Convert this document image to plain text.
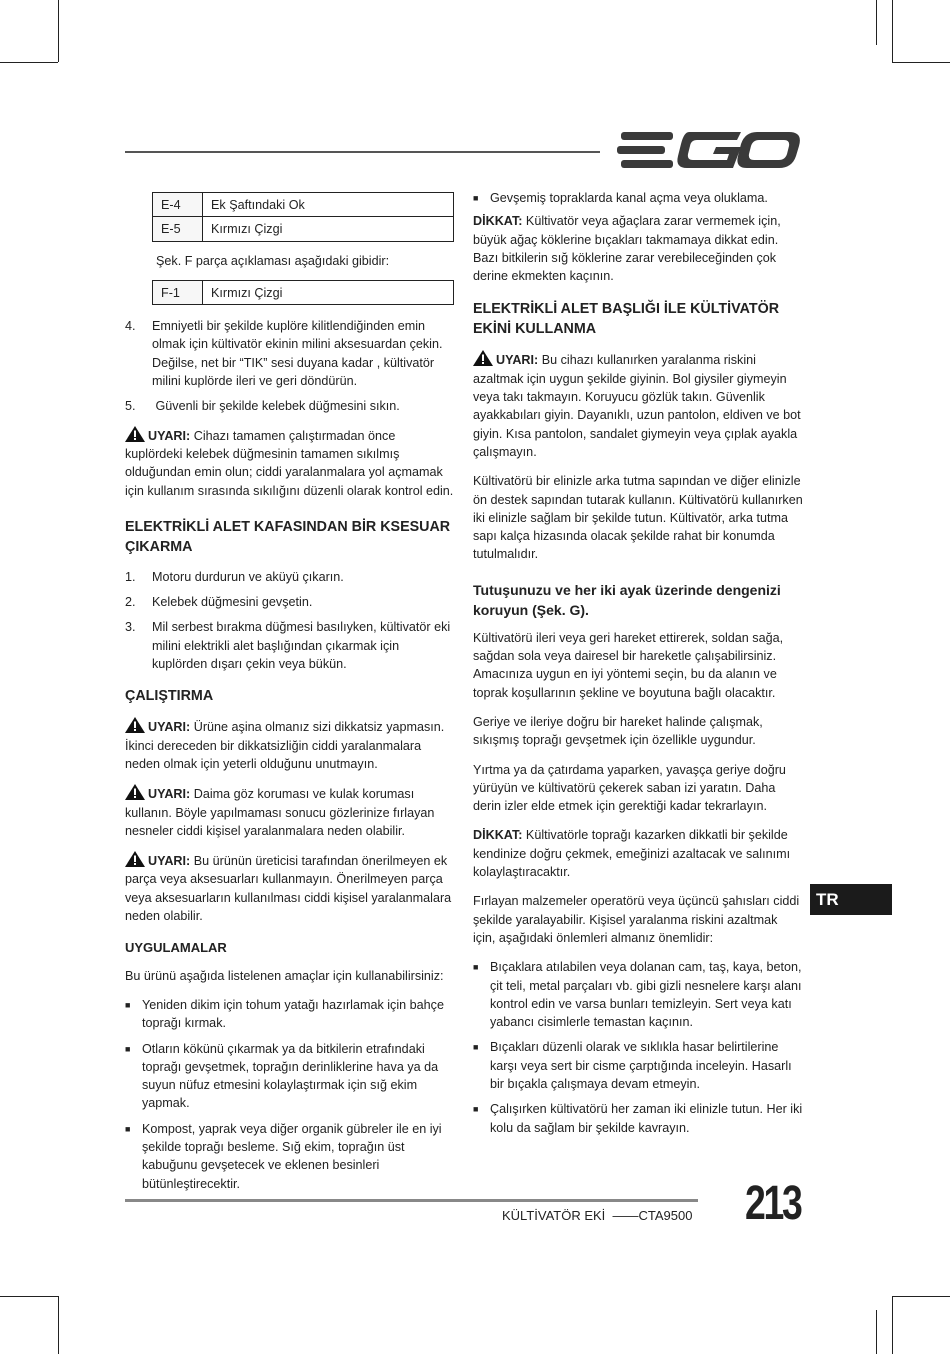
E-4	Ek Şaftındaki Ok
E-5	Kırmızı Çizgi
Şek. F parça açıklaması aşağıdaki gibidir:
F-1	Kırmızı Çizgi
4.	Emniyetli bir şekilde kuplöre kilitlendiğinden emin olmak için kültivatör ekinin milini aksesuardan çekin. Değilse, net bir “TIK” sesi duyana kadar , kültivatör milini kuplörde ileri ve geri döndürün.
5.	Güvenli bir şekilde kelebek düğmesini sıkın.

UYARI: Cihazı tamamen çalıştırmadan önce kuplördeki kelebek düğmesinin tamamen sıkılmış olduğundan emin olun; ciddi yaralanmalara yol açmamak için kullanım sırasında sıkılığını düzenli olarak kontrol edin.

ELEKTRİKLİ ALET KAFASINDAN BİR KSESUAR ÇIKARMA
1.	Motoru durdurun ve aküyü çıkarın.
2.	Kelebek düğmesini gevşetin.
3.	Mil serbest bırakma düğmesi basılıyken, kültivatör eki milini elektrikli alet başlığından çıkarmak için kuplörden dışarı çekin veya bükün.
ÇALIŞTIRMA

UYARI: Ürüne aşina olmanız sizi dikkatsiz yapmasın. İkinci dereceden bir dikkatsizliğin ciddi yaralanmalara neden olmak için yeterli olduğunu unutmayın.

UYARI: Daima göz koruması ve kulak koruması kullanın. Böyle yapılmaması sonucu gözlerinize fırlayan nesneler ciddi kişisel yaralanmalara neden olabilir.

UYARI: Bu ürünün üreticisi tarafından önerilmeyen ek parça veya aksesuarları kullanmayın. Önerilmeyen parça veya aksesuarların kullanılması ciddi kişisel yaralanmalara neden olabilir.

UYGULAMALAR

Bu ürünü aşağıda listelenen amaçlar için kullanabilirsiniz:

■ Yeniden dikim için tohum yatağı hazırlamak için bahçe toprağı kırmak.
■ Otların kökünü çıkarmak ya da bitkilerin etrafındaki toprağı gevşetmek, toprağın derinliklerine hava ya da suyun nüfuz etmesini kolaylaştırmak için sığ ekim yapmak.
■ Kompost, yaprak veya diğer organik gübreler ile en iyi şekilde toprağı besleme. Sığ ekim, toprağın üst kabuğunu gevşetecek ve eklenen besinleri bütünleştirecektir.
■ Gevşemiş topraklarda kanal açma veya oluklama.

DİKKAT: Kültivatör veya ağaçlara zarar vermemek için, büyük ağaç köklerine bıçakları takmamaya dikkat edin. Bazı bitkilerin sığ köklerine zarar verebileceğinden çok derine ekmekten kaçının.

ELEKTRİKLİ ALET BAŞLIĞI İLE KÜLTİVATÖR EKİNİ KULLANMA

UYARI: Bu cihazı kullanırken yaralanma riskini azaltmak için uygun şekilde giyinin. Bol giysiler giymeyin veya takı takmayın. Koruyucu gözlük takın. Güvenlik ayakkabıları giyin. Dayanıklı, uzun pantolon, eldiven ve bot giyin. Kısa pantolon, sandalet giymeyin veya çıplak ayakla çalışmayın.

Kültivatörü bir elinizle arka tutma sapından ve diğer elinizle ön destek sapından tutarak kullanın. Kültivatörü kullanırken iki elinizle sağlam bir şekilde tutun. Kültivatör, arka tutma sapı kalça hizasında olacak şekilde rahat bir konumda tutulmalıdır.

Tutuşunuzu ve her iki ayak üzerinde dengenizi koruyun (Şek. G).

Kültivatörü ileri veya geri hareket ettirerek, soldan sağa, sağdan sola veya dairesel bir hareketle çalışabilirsiniz. Amacınıza uygun en iyi yöntemi seçin, bu da alanın ve toprak koşullarının şekline ve boyutuna bağlı olacaktır.

Geriye ve ileriye doğru bir hareket halinde çalışmak, sıkışmış toprağı gevşetmek için özellikle uygundur.

Yırtma ya da çatırdama yaparken, yavaşça geriye doğru yürüyün ve kültivatörü çekerek saban izi yaratın. Daha derin izler elde etmek için gerektiği kadar tekrarlayın.

DİKKAT: Kültivatörle toprağı kazarken dikkatli bir şekilde kendinize doğru çekmek, emeğinizi azaltacak ve salınımı kolaylaştıracaktır.

Fırlayan malzemeler operatörü veya üçüncü şahısları ciddi şekilde yaralayabilir. Kişisel yaralanma riskini azaltmak için, aşağıdaki önlemleri almanız önemlidir:

■ Bıçaklara atılabilen veya dolanan cam, taş, kaya, beton, çit teli, metal parçaları vb. gibi gizli nesnelere karşı alanı kontrol edin ve varsa bunları temizleyin. Sert veya katı yabancı cisimlerle temastan kaçının.
■ Bıçakları düzenli olarak ve sıklıkla hasar belirtilerine karşı veya sert bir cisme çarptığında inceleyin. Hasarlı bir bıçakla çalışmaya devam etmeyin.
■ Çalışırken kültivatörü her zaman iki elinizle tutun. Her iki kolu da sağlam bir şekilde kavrayın.
TR
KÜLTİVATÖR EKİ  ——CTA9500 213
